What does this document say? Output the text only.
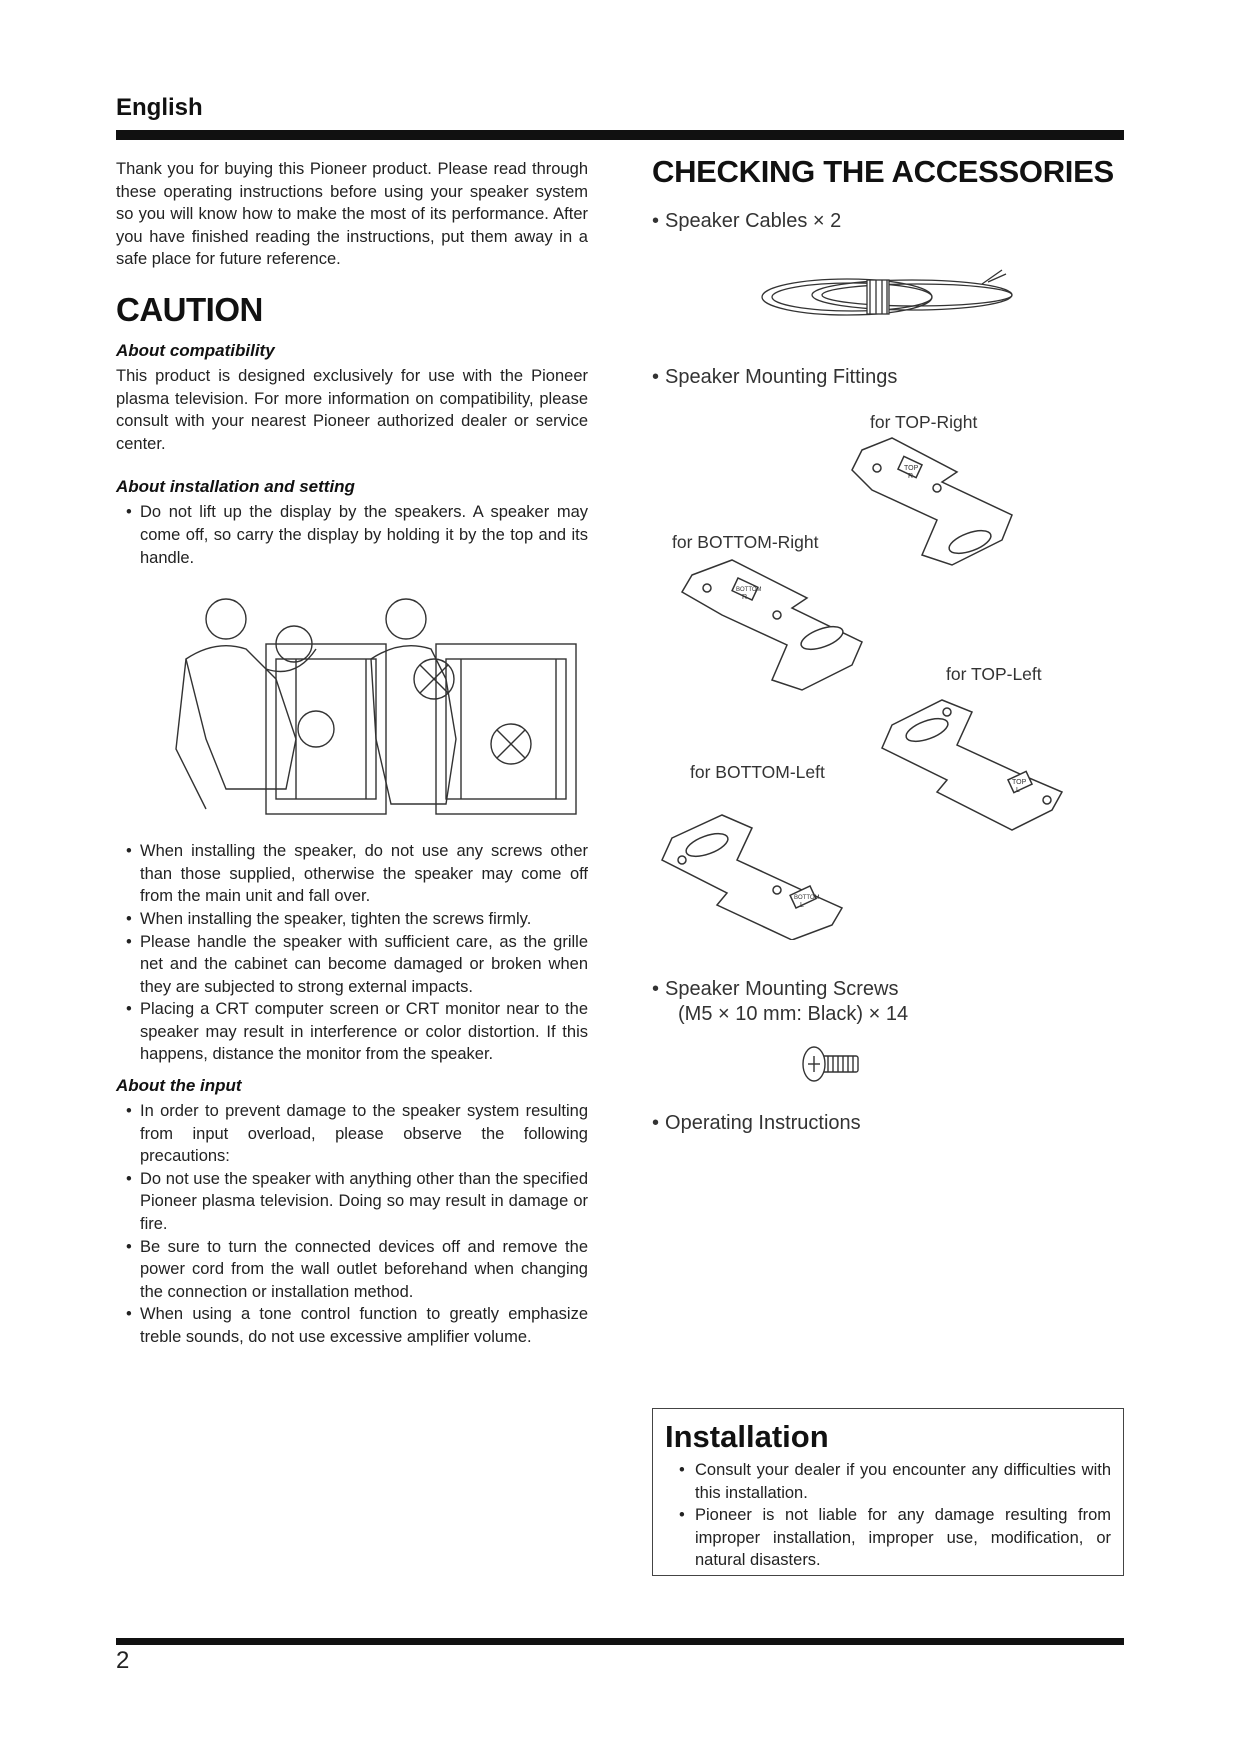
English

Thank you for buying this Pioneer product. Please read through these operating instructions before using your speaker system so you will know how to make the most of its performance. After you have finished reading the instructions, put them away in a safe place for future reference.

CAUTION
About compatibility

This product is designed exclusively for use with the Pioneer plasma television. For more information on compatibility, please consult with your nearest Pioneer authorized dealer or service center.

About installation and setting
• Do not lift up the display by the speakers. A speaker may come off, so carry the display by holding it by the top and its handle.
• When installing the speaker, do not use any screws other than those supplied, otherwise the speaker may come off from the main unit and fall over.
• When installing the speaker, tighten the screws firmly.
• Please handle the speaker with sufficient care, as the grille net and the cabinet can become damaged or broken when they are subjected to strong external impacts.
• Placing a CRT computer screen or CRT monitor near to the speaker may result in interference or color distortion. If this happens, distance the monitor from the speaker.
About the input
• In order to prevent damage to the speaker system resulting from input overload, please observe the following precautions:
• Do not use the speaker with anything other than the specified Pioneer plasma television. Doing so may result in damage or fire.
• Be sure to turn the connected devices off and remove the power cord from the wall outlet beforehand when changing the connection or installation method.
• When using a tone control function to greatly emphasize treble sounds, do not use excessive amplifier volume.
CHECKING THE ACCESSORIES
• Speaker Cables × 2
• Speaker Mounting Fittings
for TOP-Right
for BOTTOM-Right
for TOP-Left
for BOTTOM-Left
TOP
R
BOTTOM
R
TOP
L
BOTTOM
L
• Speaker Mounting Screws
(M5 × 10 mm: Black) × 14
• Operating Instructions
Installation
• Consult your dealer if you encounter any difficulties with this installation.
• Pioneer is not liable for any damage resulting from improper installation, improper use, modification, or natural disasters.
2
